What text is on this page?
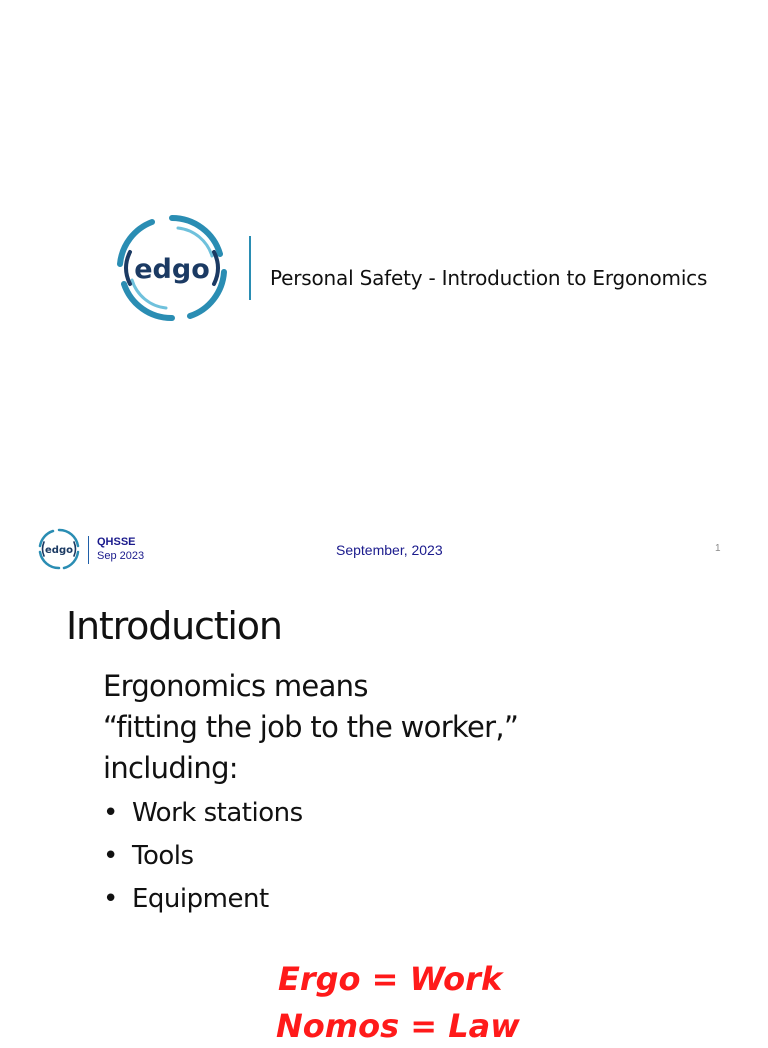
edgo	Personal Safety - Introduction to Ergonomics
edgo
QHSSE
Sep 2023	September, 2023	1
Introduction
Ergonomics means
“fitting the job to the worker,”
including:
• Work stations
• Tools
• Equipment
Ergo = Work
Nomos = Law
